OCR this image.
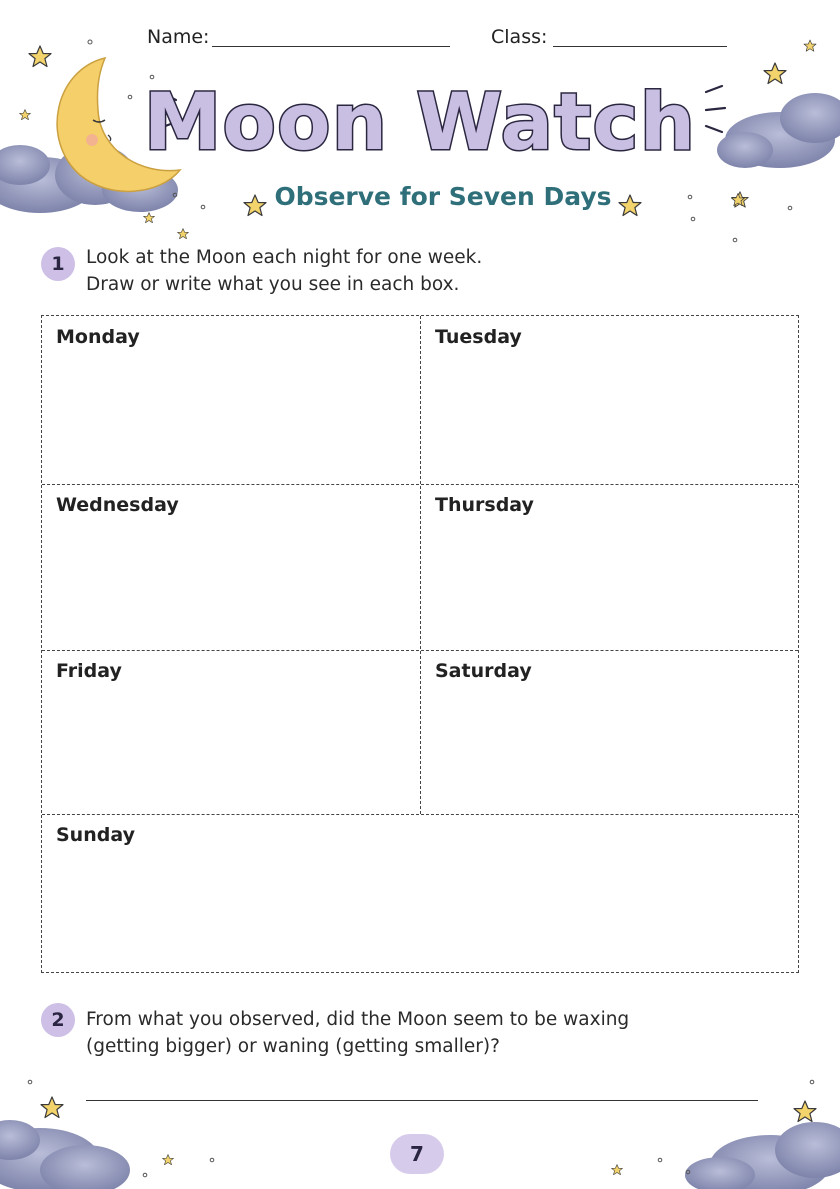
Name:	Class:
Moon Watch
Observe for Seven Days
1	Look at the Moon each night for one week.
Draw or write what you see in each box.
Monday	Tuesday
Wednesday	Thursday
Friday	Saturday
Sunday
2	From what you observed, did the Moon seem to be waxing
(getting bigger) or waning (getting smaller)?
7
